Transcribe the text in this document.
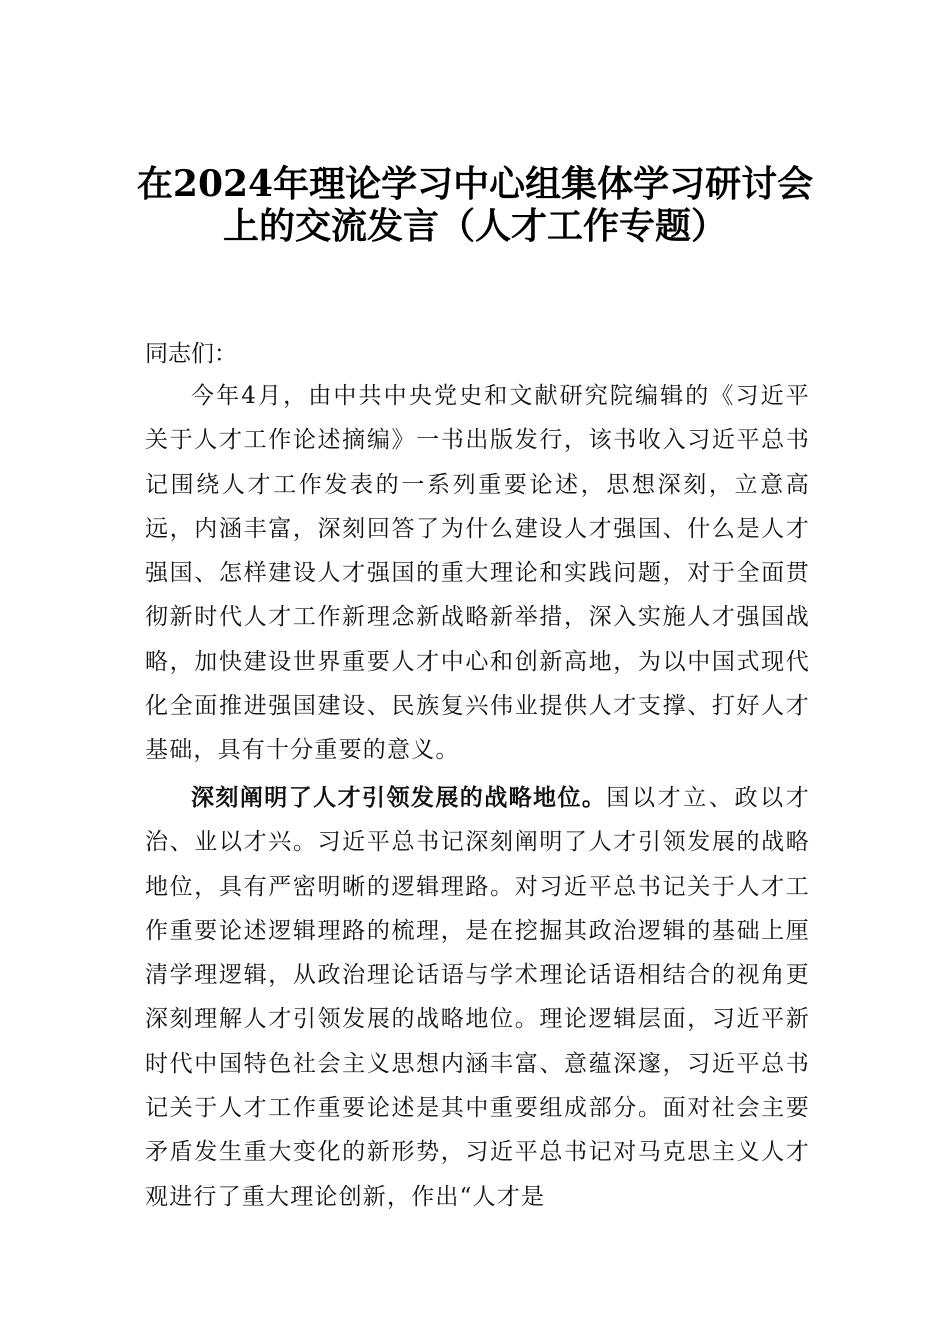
在2024年理论学习中心组集体学习研讨会
上的交流发言（人才工作专题）
同志们：
今年4月，由中共中央党史和文献研究院编辑的《习近平关于人才工作论述摘编》一书出版发行，该书收入习近平总书记围绕人才工作发表的一系列重要论述，思想深刻，立意高远，内涵丰富，深刻回答了为什么建设人才强国、什么是人才强国、怎样建设人才强国的重大理论和实践问题，对于全面贯彻新时代人才工作新理念新战略新举措，深入实施人才强国战略，加快建设世界重要人才中心和创新高地，为以中国式现代化全面推进强国建设、民族复兴伟业提供人才支撑、打好人才基础，具有十分重要的意义。
深刻阐明了人才引领发展的战略地位。国以才立、政以才治、业以才兴。习近平总书记深刻阐明了人才引领发展的战略地位，具有严密明晰的逻辑理路。对习近平总书记关于人才工作重要论述逻辑理路的梳理，是在挖掘其政治逻辑的基础上厘清学理逻辑，从政治理论话语与学术理论话语相结合的视角更深刻理解人才引领发展的战略地位。理论逻辑层面，习近平新时代中国特色社会主义思想内涵丰富、意蕴深邃，习近平总书记关于人才工作重要论述是其中重要组成部分。面对社会主要矛盾发生重大变化的新形势，习近平总书记对马克思主义人才观进行了重大理论创新，作出“人才是
